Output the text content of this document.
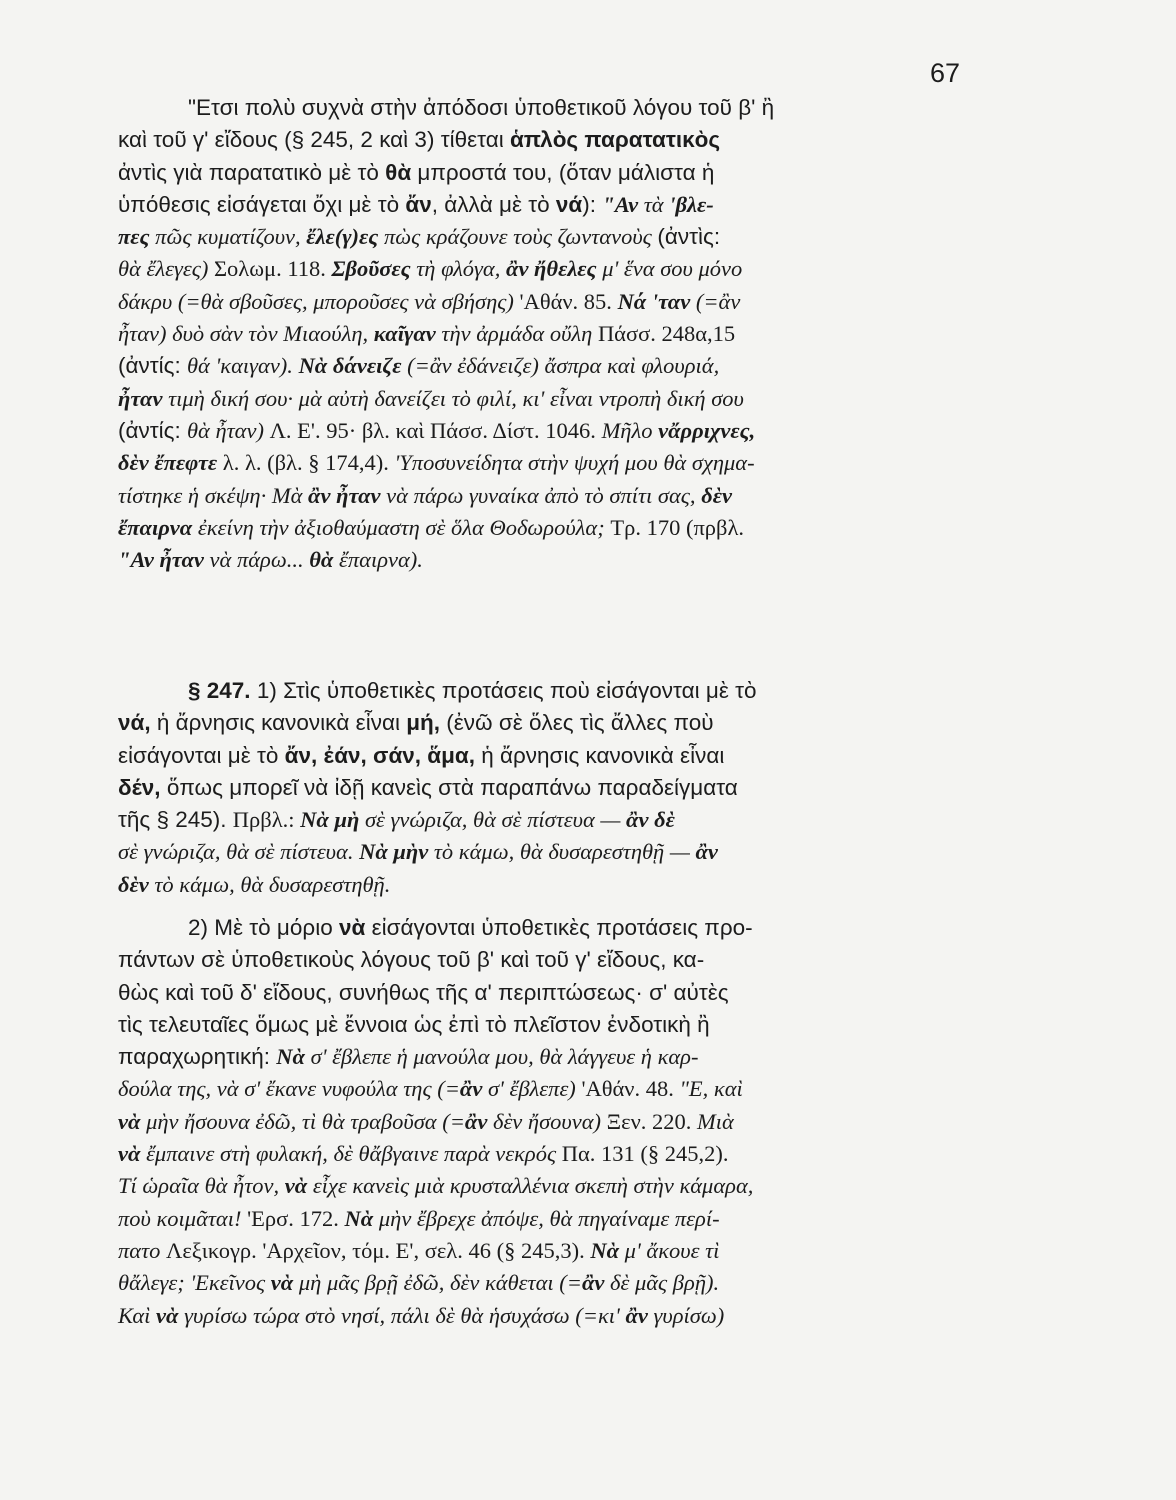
67
"Ετσι πολὺ συχνὰ στὴν ἀπόδοσι ὑποθετικοῦ λόγου τοῦ β' ἢ
καὶ τοῦ γ' εἴδους (§ 245, 2 καὶ 3) τίθεται ἁπλὸς παρατατικὸς
ἀντὶς γιὰ παρατατικὸ μὲ τὸ θὰ μπροστά του, (ὅταν μάλιστα ἡ
ὑπόθεσις εἰσάγεται ὄχι μὲ τὸ ἄν, ἀλλὰ μὲ τὸ νά): "Αν τὰ 'βλε-
πες πῶς κυματίζουν, ἔλε(γ)ες πὼς κράζουνε τοὺς ζωντανοὺς (ἀντὶς:
θὰ ἔλεγες) Σολωμ. 118. Σβοῦσες τὴ φλόγα, ἂν ἤθελες μ' ἕνα σου μόνο
δάκρυ (=θὰ σβοῦσες, μποροῦσες νὰ σβήσης) 'Αθάν. 85. Νά 'ταν (=ἂν
ἦταν) δυὸ σὰν τὸν Μιαούλη, καῖγαν τὴν ἀρμάδα οὔλη Πάσσ. 248α,15
(ἀντίς: θά 'καιγαν). Νὰ δάνειζε (=ἂν ἐδάνειζε) ἄσπρα καὶ φλουριά,
ἦταν τιμὴ δική σου· μὰ αὐτὴ δανείζει τὸ φιλί, κι' εἶναι ντροπὴ δική σου
(ἀντίς: θὰ ἦταν) Λ. Ε'. 95· βλ. καὶ Πάσσ. Δίστ. 1046. Μῆλο νἄρριχνες,
δὲν ἔπεφτε λ. λ. (βλ. § 174,4). 'Υποσυνείδητα στὴν ψυχή μου θὰ σχημα-
τίστηκε ἡ σκέψη· Μὰ ἂν ἦταν νὰ πάρω γυναίκα ἀπὸ τὸ σπίτι σας, δὲν
ἔπαιρνα ἐκείνη τὴν ἀξιοθαύμαστη σὲ ὅλα Θοδωρούλα; Τρ. 170 (πρβλ.
"Αν ἦταν νὰ πάρω... θὰ ἔπαιρνα).
§ 247. 1) Στὶς ὑποθετικὲς προτάσεις ποὺ εἰσάγονται μὲ τὸ
νά, ἡ ἄρνησις κανονικὰ εἶναι μή, (ἐνῶ σὲ ὅλες τὶς ἄλλες ποὺ
εἰσάγονται μὲ τὸ ἄν, ἐάν, σάν, ἅμα, ἡ ἄρνησις κανονικὰ εἶναι
δέν, ὅπως μπορεῖ νὰ ἰδῇ κανεὶς στὰ παραπάνω παραδείγματα
τῆς § 245). Πρβλ.: Νὰ μὴ σὲ γνώριζα, θὰ σὲ πίστευα — ἂν δὲ
σὲ γνώριζα, θὰ σὲ πίστευα. Νὰ μὴν τὸ κάμω, θὰ δυσαρεστηθῇ — ἂν
δὲν τὸ κάμω, θὰ δυσαρεστηθῇ.
2) Μὲ τὸ μόριο νὰ εἰσάγονται ὑποθετικὲς προτάσεις προ-
πάντων σὲ ὑποθετικοὺς λόγους τοῦ β' καὶ τοῦ γ' εἴδους, κα-
θὼς καὶ τοῦ δ' εἴδους, συνήθως τῆς α' περιπτώσεως· σ' αὐτὲς
τὶς τελευταῖες ὅμως μὲ ἔννοια ὡς ἐπὶ τὸ πλεῖστον ἐνδοτικὴ ἢ
παραχωρητική: Νὰ σ' ἔβλεπε ἡ μανούλα μου, θὰ λάγγευε ἡ καρ-
δούλα της, νὰ σ' ἔκανε νυφούλα της (=ἂν σ' ἔβλεπε) 'Αθάν. 48. "Ε, καὶ
νὰ μὴν ἤσουνα ἐδῶ, τὶ θὰ τραβοῦσα (=ἂν δὲν ἤσουνα) Ξεν. 220. Μιὰ
νὰ ἔμπαινε στὴ φυλακή, δὲ θἄβγαινε παρὰ νεκρός Πα. 131 (§ 245,2).
Τί ὡραῖα θὰ ἦτον, νὰ εἶχε κανεὶς μιὰ κρυσταλλένια σκεπὴ στὴν κάμαρα,
ποὺ κοιμᾶται! 'Ερσ. 172. Νὰ μὴν ἔβρεχε ἀπόψε, θὰ πηγαίναμε περί-
πατο Λεξικογρ. 'Αρχεῖον, τόμ. Ε', σελ. 46 (§ 245,3). Νὰ μ' ἄκουε τὶ
θἄλεγε; 'Εκεῖνος νὰ μὴ μᾶς βρῇ ἐδῶ, δὲν κάθεται (=ἂν δὲ μᾶς βρῇ).
Καὶ νὰ γυρίσω τώρα στὸ νησί, πάλι δὲ θὰ ἡσυχάσω (=κι' ἂν γυρίσω)
